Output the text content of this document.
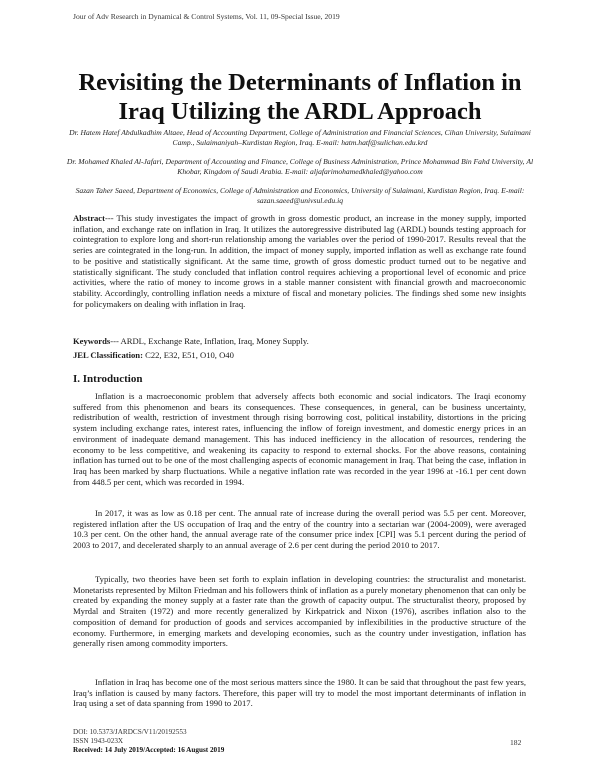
Jour of Adv Research in Dynamical & Control Systems, Vol. 11, 09-Special Issue, 2019
Revisiting the Determinants of Inflation in
Iraq Utilizing the ARDL Approach
Dr. Hatem Hatef Abdulkadhim Altaee, Head of Accounting Department, College of Administration and Financial Sciences, Cihan University, Sulaimani Camp., Sulaimaniyah–Kurdistan Region, Iraq. E-mail: hatm.hatf@sulichan.edu.krd
Dr. Mohamed Khaled Al-Jafari, Department of Accounting and Finance, College of Business Administration, Prince Mohammad Bin Fahd University, Al Khobar, Kingdom of Saudi Arabia. E-mail: aljafarimohamedkhaled@yahoo.com
Sazan Taher Saeed, Department of Economics, College of Administration and Economics, University of Sulaimani, Kurdistan Region, Iraq. E-mail: sazan.saeed@univsul.edu.iq
Abstract--- This study investigates the impact of growth in gross domestic product, an increase in the money supply, imported inflation, and exchange rate on inflation in Iraq. It utilizes the autoregressive distributed lag (ARDL) bounds testing approach for cointegration to explore long and short-run relationship among the variables over the period of 1990-2017. Results reveal that the series are cointegrated in the long-run. In addition, the impact of money supply, imported inflation as well as exchange rate found to be positive and statistically significant. At the same time, growth of gross domestic product turned out to be negative and statistically significant. The study concluded that inflation control requires achieving a proportional level of economic and price activities, where the ratio of money to income grows in a stable manner consistent with financial growth and macroeconomic stability. Accordingly, controlling inflation needs a mixture of fiscal and monetary policies. The findings shed some new insights for policymakers on dealing with inflation in Iraq.
Keywords--- ARDL, Exchange Rate, Inflation, Iraq, Money Supply.
JEL Classification: C22, E32, E51, O10, O40
I. Introduction
Inflation is a macroeconomic problem that adversely affects both economic and social indicators. The Iraqi economy suffered from this phenomenon and bears its consequences. These consequences, in general, can be business uncertainty, redistribution of wealth, restriction of investment through rising borrowing cost, political instability, distortions in the pricing system including exchange rates, interest rates, influencing the inflow of foreign investment, and domestic energy prices in an environment of inadequate demand management. This has induced inefficiency in the allocation of resources, rendering the economy to be less competitive, and weakening its capacity to respond to external shocks. For the above reasons, containing inflation has turned out to be one of the most challenging aspects of economic management in Iraq. That being the case, inflation in Iraq has been marked by sharp fluctuations. While a negative inflation rate was recorded in the year 1996 at -16.1 per cent down from 448.5 per cent, which was recorded in 1994.
In 2017, it was as low as 0.18 per cent. The annual rate of increase during the overall period was 5.5 per cent. Moreover, registered inflation after the US occupation of Iraq and the entry of the country into a sectarian war (2004-2009), were averaged 10.3 per cent. On the other hand, the annual average rate of the consumer price index [CPI] was 5.1 percent during the period of 2003 to 2017, and decelerated sharply to an annual average of 2.6 per cent during the period 2010 to 2017.
Typically, two theories have been set forth to explain inflation in developing countries: the structuralist and monetarist. Monetarists represented by Milton Friedman and his followers think of inflation as a purely monetary phenomenon that can only be created by expanding the money supply at a faster rate than the growth of capacity output. The structuralist theory, proposed by Myrdal and Straiten (1972) and more recently generalized by Kirkpatrick and Nixon (1976), ascribes inflation also to the composition of demand for production of goods and services accompanied by inflexibilities in the productive structure of the economy. Furthermore, in emerging markets and developing economies, such as the country under investigation, inflation has generally risen among commodity importers.
Inflation in Iraq has become one of the most serious matters since the 1980. It can be said that throughout the past few years, Iraq’s inflation is caused by many factors. Therefore, this paper will try to model the most important determinants of inflation in Iraq using a set of data spanning from 1990 to 2017.
DOI: 10.5373/JARDCS/V11/20192553
ISSN 1943-023X
Received: 14 July 2019/Accepted: 16 August 2019
182
